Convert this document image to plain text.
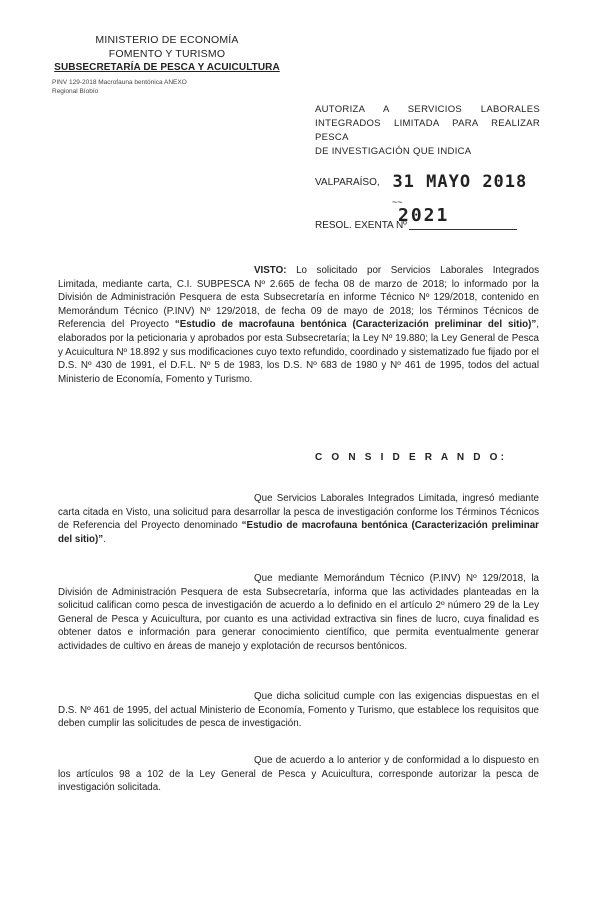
MINISTERIO DE ECONOMÍA
FOMENTO Y TURISMO
SUBSECRETARÍA DE PESCA Y ACUICULTURA
PINV 129-2018 Macrofauna bentónica ANEXO
Regional Bíobío
AUTORIZA A SERVICIOS LABORALES
INTEGRADOS LIMITADA PARA REALIZAR PESCA
DE INVESTIGACIÓN QUE INDICA
VALPARAÍSO, 31 MAYO 2018
~~
2021
RESOL. EXENTA Nº
VISTO: Lo solicitado por Servicios Laborales Integrados Limitada, mediante carta, C.I. SUBPESCA Nº 2.665 de fecha 08 de marzo de 2018; lo informado por la División de Administración Pesquera de esta Subsecretaría en informe Técnico Nº 129/2018, contenido en Memorándum Técnico (P.INV) Nº 129/2018, de fecha 09 de mayo de 2018; los Términos Técnicos de Referencia del Proyecto “Estudio de macrofauna bentónica (Caracterización preliminar del sitio)”, elaborados por la peticionaria y aprobados por esta Subsecretaría; la Ley Nº 19.880; la Ley General de Pesca y Acuicultura Nº 18.892 y sus modificaciones cuyo texto refundido, coordinado y sistematizado fue fijado por el D.S. Nº 430 de 1991, el D.F.L. Nº 5 de 1983, los D.S. Nº 683 de 1980 y Nº 461 de 1995, todos del actual Ministerio de Economía, Fomento y Turismo.
C O N S I D E R A N D O:
Que Servicios Laborales Integrados Limitada, ingresó mediante carta citada en Visto, una solicitud para desarrollar la pesca de investigación conforme los Términos Técnicos de Referencia del Proyecto denominado “Estudio de macrofauna bentónica (Caracterización preliminar del sitio)”.
Que mediante Memorándum Técnico (P.INV) Nº 129/2018, la División de Administración Pesquera de esta Subsecretaría, informa que las actividades planteadas en la solicitud califican como pesca de investigación de acuerdo a lo definido en el artículo 2º número 29 de la Ley General de Pesca y Acuicultura, por cuanto es una actividad extractiva sin fines de lucro, cuya finalidad es obtener datos e información para generar conocimiento científico, que permita eventualmente generar actividades de cultivo en áreas de manejo y explotación de recursos bentónicos.
Que dicha solicitud cumple con las exigencias dispuestas en el D.S. Nº 461 de 1995, del actual Ministerio de Economía, Fomento y Turismo, que establece los requisitos que deben cumplir las solicitudes de pesca de investigación.
Que de acuerdo a lo anterior y de conformidad a lo dispuesto en los artículos 98 a 102 de la Ley General de Pesca y Acuicultura, corresponde autorizar la pesca de investigación solicitada.
